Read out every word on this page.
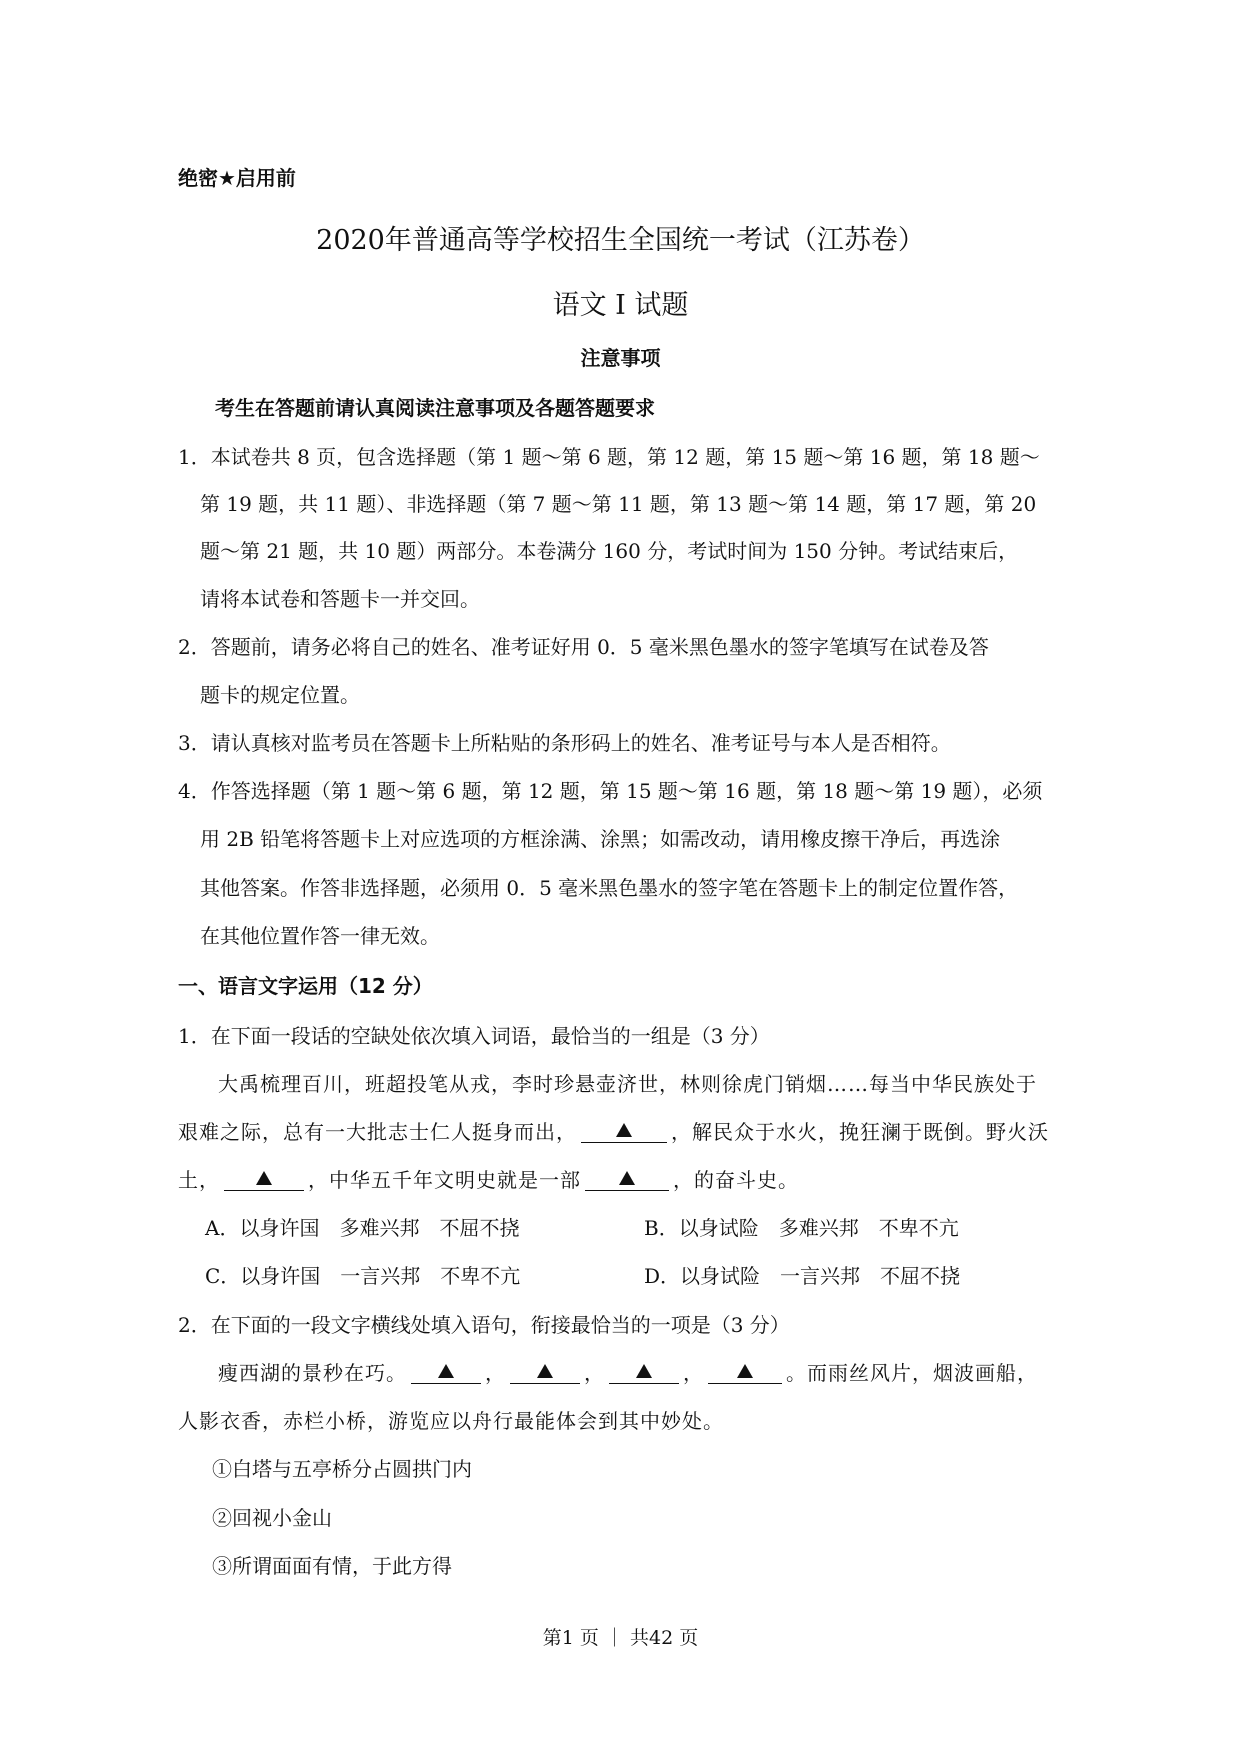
绝密★启用前
2020年普通高等学校招生全国统一考试（江苏卷）
语文 I 试题
注意事项
考生在答题前请认真阅读注意事项及各题答题要求
1．本试卷共 8 页，包含选择题（第 1 题～第 6 题，第 12 题，第 15 题～第 16 题，第 18 题～
第 19 题，共 11 题）、非选择题（第 7 题～第 11 题，第 13 题～第 14 题，第 17 题，第 20
题～第 21 题，共 10 题）两部分。本卷满分 160 分，考试时间为 150 分钟。考试结束后，
请将本试卷和答题卡一并交回。
2．答题前，请务必将自己的姓名、准考证好用 0．5 毫米黑色墨水的签字笔填写在试卷及答
题卡的规定位置。
3．请认真核对监考员在答题卡上所粘贴的条形码上的姓名、准考证号与本人是否相符。
4．作答选择题（第 1 题～第 6 题，第 12 题，第 15 题～第 16 题，第 18 题～第 19 题），必须
用 2B 铅笔将答题卡上对应选项的方框涂满、涂黑；如需改动，请用橡皮擦干净后，再选涂
其他答案。作答非选择题，必须用 0．5 毫米黑色墨水的签字笔在答题卡上的制定位置作答，
在其他位置作答一律无效。
一、语言文字运用（12 分）
1．在下面一段话的空缺处依次填入词语，最恰当的一组是（3 分）
大禹梳理百川，班超投笔从戎，李时珍悬壶济世，林则徐虎门销烟……每当中华民族处于
艰难之际，总有一大批志士仁人挺身而出，	，解民众于水火，挽狂澜于既倒。野火沃
土，	，中华五千年文明史就是一部	，的奋斗史。
A．以身许国　多难兴邦　不屈不挠	B．以身试险　多难兴邦　不卑不亢
C．以身许国　一言兴邦　不卑不亢	D．以身试险　一言兴邦　不屈不挠
2．在下面的一段文字横线处填入语句，衔接最恰当的一项是（3 分）
瘦西湖的景秒在巧。	，	，	，	。而雨丝风片，烟波画船，
人影衣香，赤栏小桥，游览应以舟行最能体会到其中妙处。
①白塔与五亭桥分占圆拱门内
②回视小金山
③所谓面面有情，于此方得
第1 页 ｜ 共42 页
